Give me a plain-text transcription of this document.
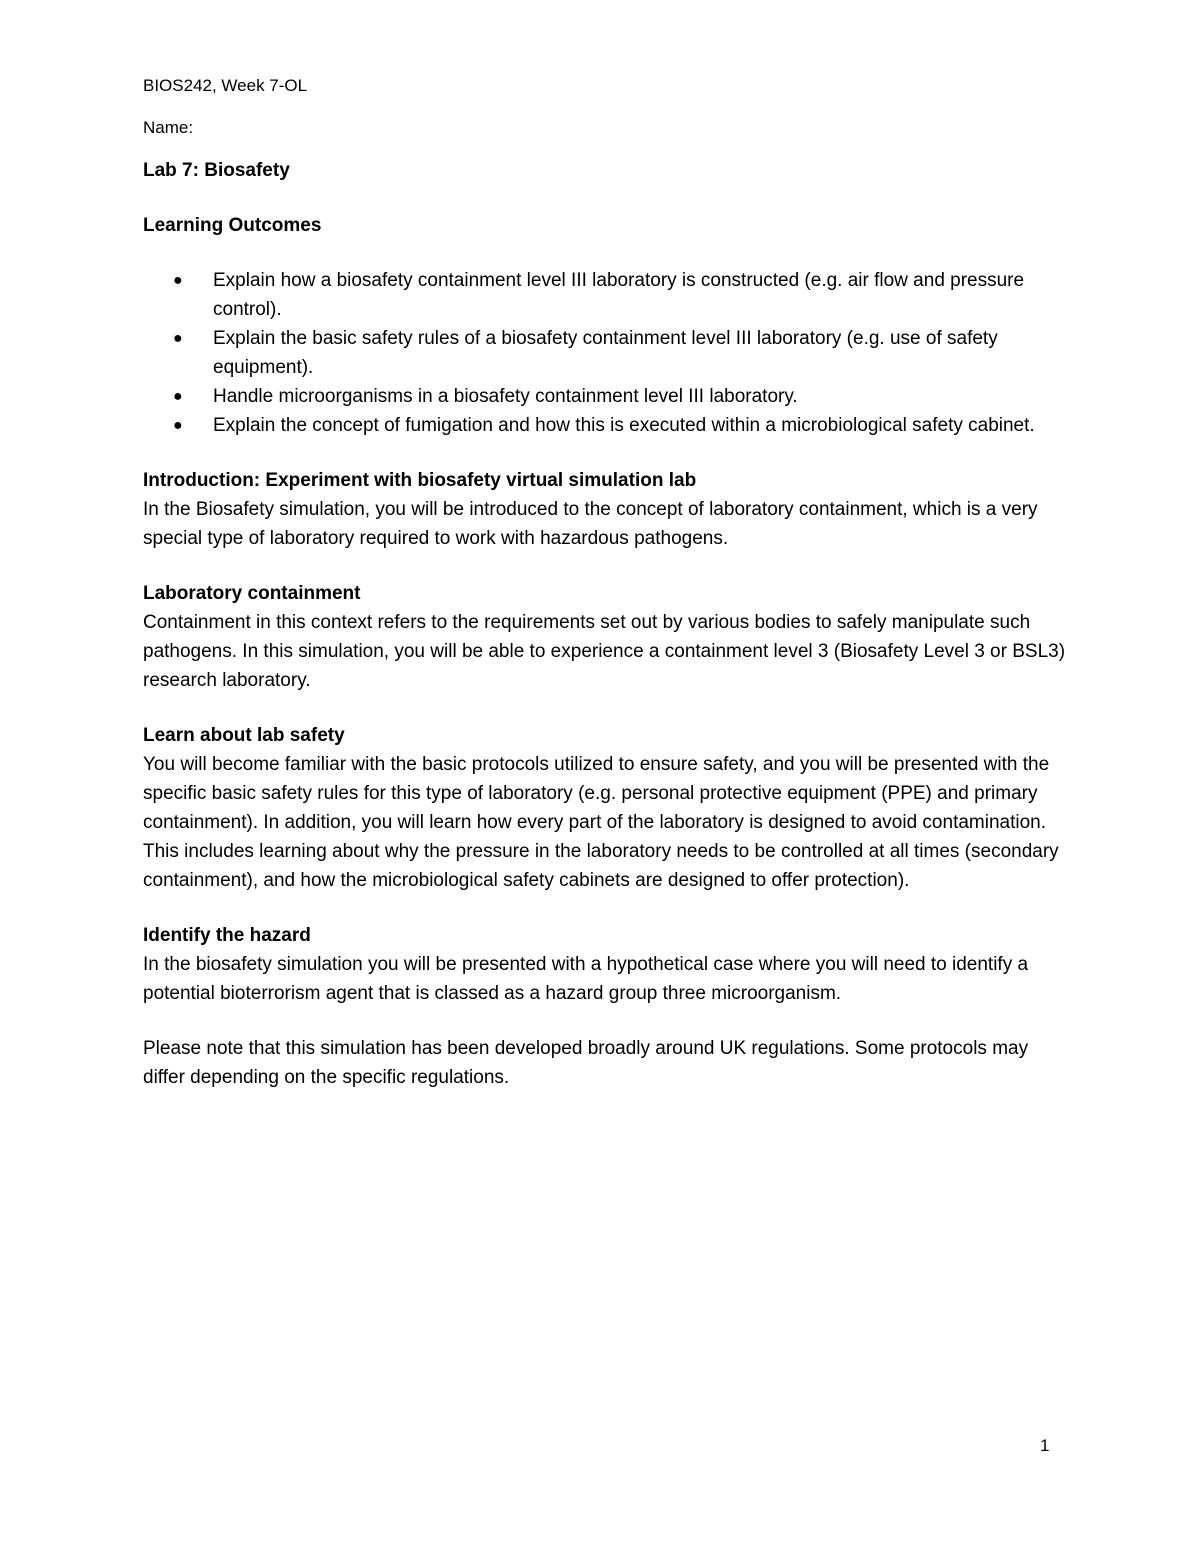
BIOS242, Week 7-OL

Name:

Lab 7: Biosafety
Learning Outcomes
● Explain how a biosafety containment level III laboratory is constructed (e.g. air flow and pressure control).
● Explain the basic safety rules of a biosafety containment level III laboratory (e.g. use of safety equipment).
● Handle microorganisms in a biosafety containment level III laboratory.
● Explain the concept of fumigation and how this is executed within a microbiological safety cabinet.
Introduction: Experiment with biosafety virtual simulation lab

In the Biosafety simulation, you will be introduced to the concept of laboratory containment, which is a very special type of laboratory required to work with hazardous pathogens.

Laboratory containment

Containment in this context refers to the requirements set out by various bodies to safely manipulate such pathogens. In this simulation, you will be able to experience a containment level 3 (Biosafety Level 3 or BSL3) research laboratory.

Learn about lab safety

You will become familiar with the basic protocols utilized to ensure safety, and you will be presented with the specific basic safety rules for this type of laboratory (e.g. personal protective equipment (PPE) and primary containment). In addition, you will learn how every part of the laboratory is designed to avoid contamination. This includes learning about why the pressure in the laboratory needs to be controlled at all times (secondary containment), and how the microbiological safety cabinets are designed to offer protection).

Identify the hazard

In the biosafety simulation you will be presented with a hypothetical case where you will need to identify a potential bioterrorism agent that is classed as a hazard group three microorganism.

Please note that this simulation has been developed broadly around UK regulations. Some protocols may differ depending on the specific regulations.

1
